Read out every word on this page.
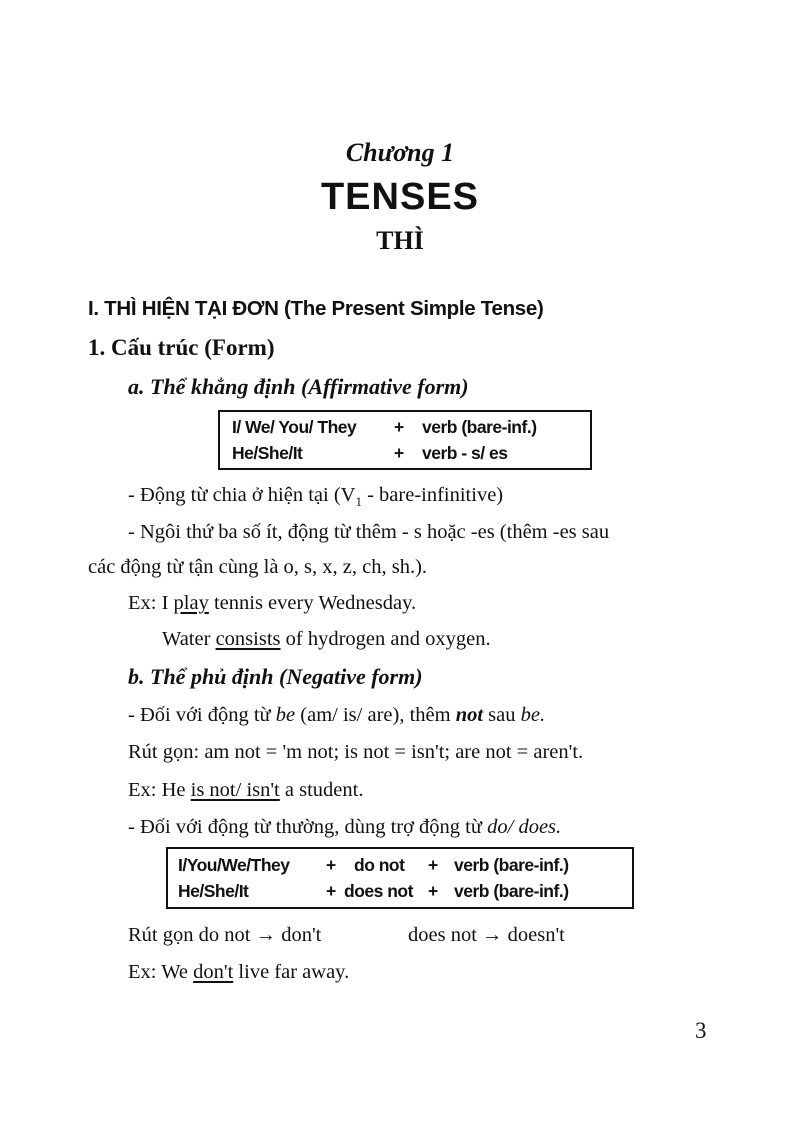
Chương 1
TENSES
THÌ
I. THÌ HIỆN TẠI ĐƠN (The Present Simple Tense)
1. Cấu trúc (Form)
a. Thể khẳng định (Affirmative form)
I/ We/ You/ They + verb (bare-inf.)
He/She/It	+ verb - s/ es
- Động từ chia ở hiện tại ($V_1$ - bare-infinitive)
- Ngôi thứ ba số ít, động từ thêm - s hoặc -es (thêm -es sau
các động từ tận cùng là o, s, x, z, ch, sh.).
Ex: I play tennis every Wednesday.
Water consists of hydrogen and oxygen.
b. Thể phủ định (Negative form)
- Đối với động từ be (am/ is/ are), thêm not sau be.
Rút gọn: am not = 'm not; is not = isn't; are not = aren't.
Ex: He is not/ isn't a student.
- Đối với động từ thường, dùng trợ động từ do/ does.
I/You/We/They + do not + verb (bare-inf.)
He/She/It	+ does not + verb (bare-inf.)
Rút gọn do not → don't	does not → doesn't
Ex: We don't live far away.
3
